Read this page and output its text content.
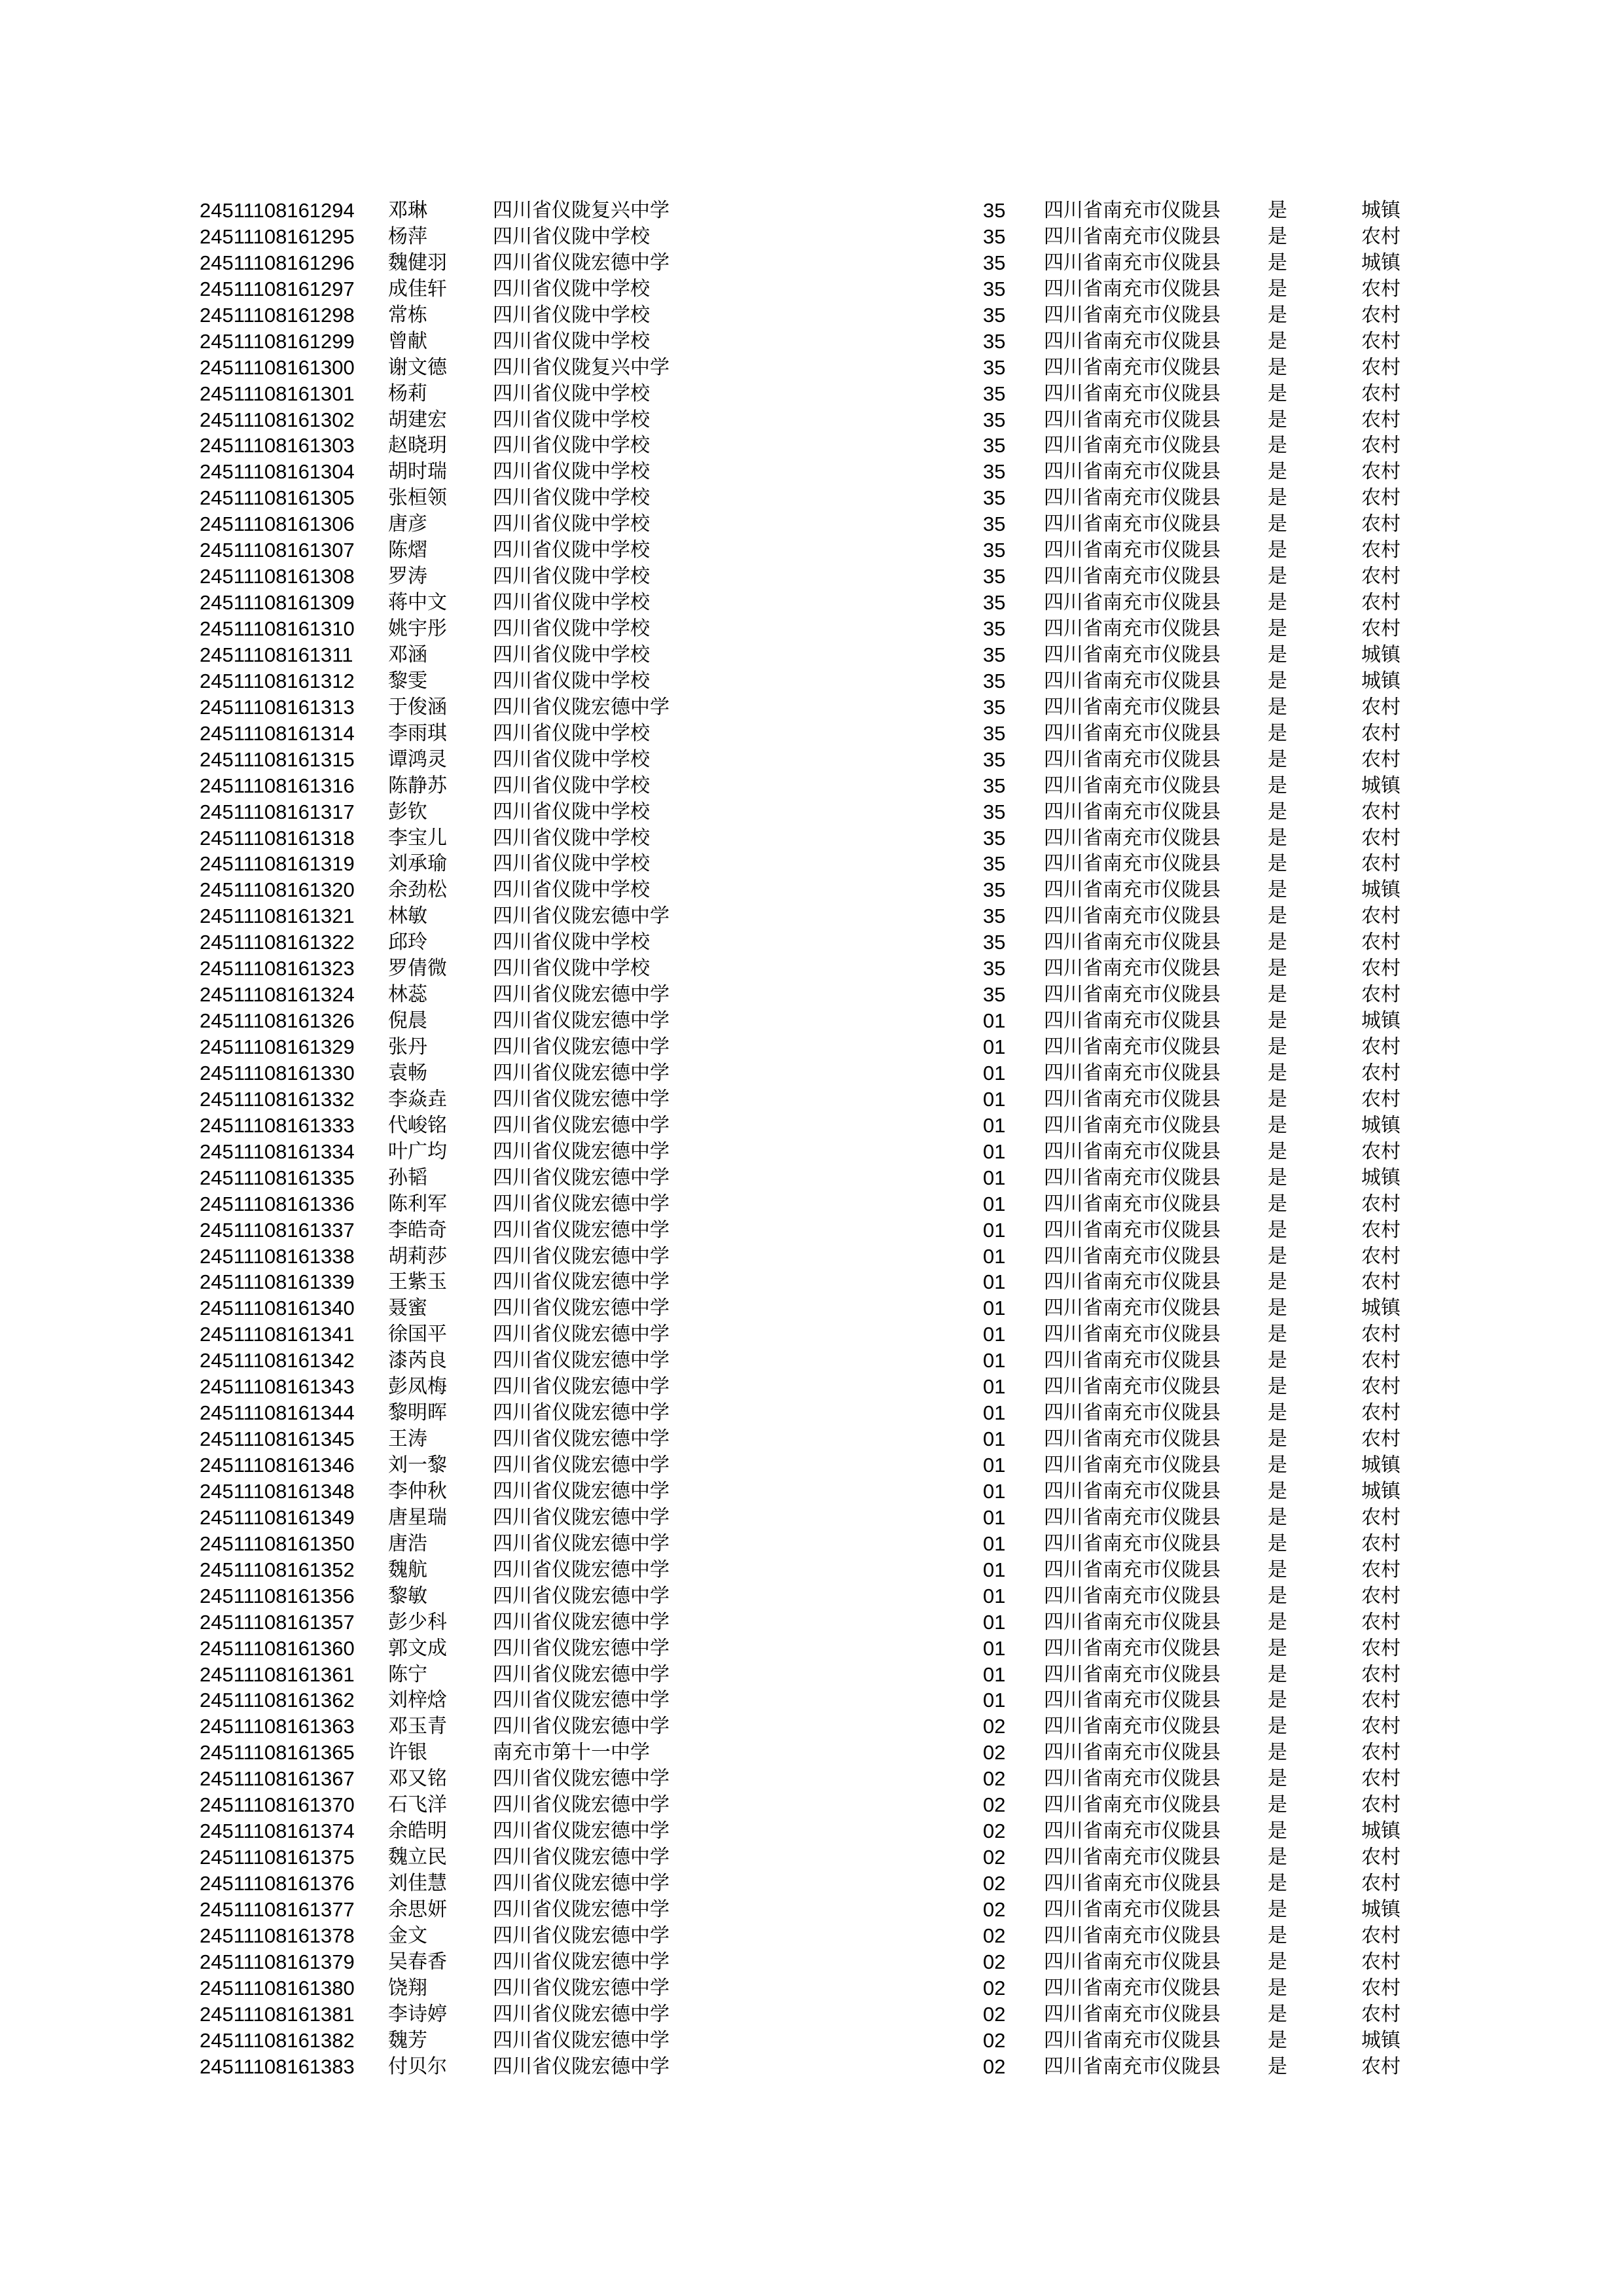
24511108161294 邓琳	四川省仪陇复兴中学	35 四川省南充市仪陇县 是	城镇
24511108161295 杨萍	四川省仪陇中学校	35 四川省南充市仪陇县 是	农村
24511108161296 魏健羽 四川省仪陇宏德中学	35 四川省南充市仪陇县 是	城镇
24511108161297 成佳轩 四川省仪陇中学校	35 四川省南充市仪陇县 是	农村
24511108161298 常栋	四川省仪陇中学校	35 四川省南充市仪陇县 是	农村
24511108161299 曾献	四川省仪陇中学校	35 四川省南充市仪陇县 是	农村
24511108161300 谢文德 四川省仪陇复兴中学	35 四川省南充市仪陇县 是	农村
24511108161301 杨莉	四川省仪陇中学校	35 四川省南充市仪陇县 是	农村
24511108161302 胡建宏 四川省仪陇中学校	35 四川省南充市仪陇县 是	农村
24511108161303 赵晓玥 四川省仪陇中学校	35 四川省南充市仪陇县 是	农村
24511108161304 胡时瑞 四川省仪陇中学校	35 四川省南充市仪陇县 是	农村
24511108161305 张桓领 四川省仪陇中学校	35 四川省南充市仪陇县 是	农村
24511108161306 唐彦	四川省仪陇中学校	35 四川省南充市仪陇县 是	农村
24511108161307 陈熠	四川省仪陇中学校	35 四川省南充市仪陇县 是	农村
24511108161308 罗涛	四川省仪陇中学校	35 四川省南充市仪陇县 是	农村
24511108161309 蒋中文 四川省仪陇中学校	35 四川省南充市仪陇县 是	农村
24511108161310 姚宇彤 四川省仪陇中学校	35 四川省南充市仪陇县 是	农村
24511108161311 邓涵	四川省仪陇中学校	35 四川省南充市仪陇县 是	城镇
24511108161312 黎雯	四川省仪陇中学校	35 四川省南充市仪陇县 是	城镇
24511108161313 于俊涵 四川省仪陇宏德中学	35 四川省南充市仪陇县 是	农村
24511108161314 李雨琪 四川省仪陇中学校	35 四川省南充市仪陇县 是	农村
24511108161315 谭鸿灵 四川省仪陇中学校	35 四川省南充市仪陇县 是	农村
24511108161316 陈静苏 四川省仪陇中学校	35 四川省南充市仪陇县 是	城镇
24511108161317 彭钦	四川省仪陇中学校	35 四川省南充市仪陇县 是	农村
24511108161318 李宝儿 四川省仪陇中学校	35 四川省南充市仪陇县 是	农村
24511108161319 刘承瑜 四川省仪陇中学校	35 四川省南充市仪陇县 是	农村
24511108161320 余劲松 四川省仪陇中学校	35 四川省南充市仪陇县 是	城镇
24511108161321 林敏	四川省仪陇宏德中学	35 四川省南充市仪陇县 是	农村
24511108161322 邱玲	四川省仪陇中学校	35 四川省南充市仪陇县 是	农村
24511108161323 罗倩微 四川省仪陇中学校	35 四川省南充市仪陇县 是	农村
24511108161324 林蕊	四川省仪陇宏德中学	35 四川省南充市仪陇县 是	农村
24511108161326 倪晨	四川省仪陇宏德中学	01 四川省南充市仪陇县 是	城镇
24511108161329 张丹	四川省仪陇宏德中学	01 四川省南充市仪陇县 是	农村
24511108161330 袁畅	四川省仪陇宏德中学	01 四川省南充市仪陇县 是	农村
24511108161332 李焱垚 四川省仪陇宏德中学	01 四川省南充市仪陇县 是	农村
24511108161333 代峻铭 四川省仪陇宏德中学	01 四川省南充市仪陇县 是	城镇
24511108161334 叶广均 四川省仪陇宏德中学	01 四川省南充市仪陇县 是	农村
24511108161335 孙韬	四川省仪陇宏德中学	01 四川省南充市仪陇县 是	城镇
24511108161336 陈利军 四川省仪陇宏德中学	01 四川省南充市仪陇县 是	农村
24511108161337 李皓奇 四川省仪陇宏德中学	01 四川省南充市仪陇县 是	农村
24511108161338 胡莉莎 四川省仪陇宏德中学	01 四川省南充市仪陇县 是	农村
24511108161339 王紫玉 四川省仪陇宏德中学	01 四川省南充市仪陇县 是	农村
24511108161340 聂蜜	四川省仪陇宏德中学	01 四川省南充市仪陇县 是	城镇
24511108161341 徐国平 四川省仪陇宏德中学	01 四川省南充市仪陇县 是	农村
24511108161342 漆芮良 四川省仪陇宏德中学	01 四川省南充市仪陇县 是	农村
24511108161343 彭凤梅 四川省仪陇宏德中学	01 四川省南充市仪陇县 是	农村
24511108161344 黎明晖 四川省仪陇宏德中学	01 四川省南充市仪陇县 是	农村
24511108161345 王涛	四川省仪陇宏德中学	01 四川省南充市仪陇县 是	农村
24511108161346 刘一黎 四川省仪陇宏德中学	01 四川省南充市仪陇县 是	城镇
24511108161348 李仲秋 四川省仪陇宏德中学	01 四川省南充市仪陇县 是	城镇
24511108161349 唐星瑞 四川省仪陇宏德中学	01 四川省南充市仪陇县 是	农村
24511108161350 唐浩	四川省仪陇宏德中学	01 四川省南充市仪陇县 是	农村
24511108161352 魏航	四川省仪陇宏德中学	01 四川省南充市仪陇县 是	农村
24511108161356 黎敏	四川省仪陇宏德中学	01 四川省南充市仪陇县 是	农村
24511108161357 彭少科 四川省仪陇宏德中学	01 四川省南充市仪陇县 是	农村
24511108161360 郭文成 四川省仪陇宏德中学	01 四川省南充市仪陇县 是	农村
24511108161361 陈宁	四川省仪陇宏德中学	01 四川省南充市仪陇县 是	农村
24511108161362 刘梓焓 四川省仪陇宏德中学	01 四川省南充市仪陇县 是	农村
24511108161363 邓玉青 四川省仪陇宏德中学	02 四川省南充市仪陇县 是	农村
24511108161365 许银	南充市第十一中学	02 四川省南充市仪陇县 是	农村
24511108161367 邓又铭 四川省仪陇宏德中学	02 四川省南充市仪陇县 是	农村
24511108161370 石飞洋 四川省仪陇宏德中学	02 四川省南充市仪陇县 是	农村
24511108161374 余皓明 四川省仪陇宏德中学	02 四川省南充市仪陇县 是	城镇
24511108161375 魏立民 四川省仪陇宏德中学	02 四川省南充市仪陇县 是	农村
24511108161376 刘佳慧 四川省仪陇宏德中学	02 四川省南充市仪陇县 是	农村
24511108161377 余思妍 四川省仪陇宏德中学	02 四川省南充市仪陇县 是	城镇
24511108161378 金文	四川省仪陇宏德中学	02 四川省南充市仪陇县 是	农村
24511108161379 吴春香 四川省仪陇宏德中学	02 四川省南充市仪陇县 是	农村
24511108161380 饶翔	四川省仪陇宏德中学	02 四川省南充市仪陇县 是	农村
24511108161381 李诗婷 四川省仪陇宏德中学	02 四川省南充市仪陇县 是	农村
24511108161382 魏芳	四川省仪陇宏德中学	02 四川省南充市仪陇县 是	城镇
24511108161383 付贝尔 四川省仪陇宏德中学	02 四川省南充市仪陇县 是	农村
